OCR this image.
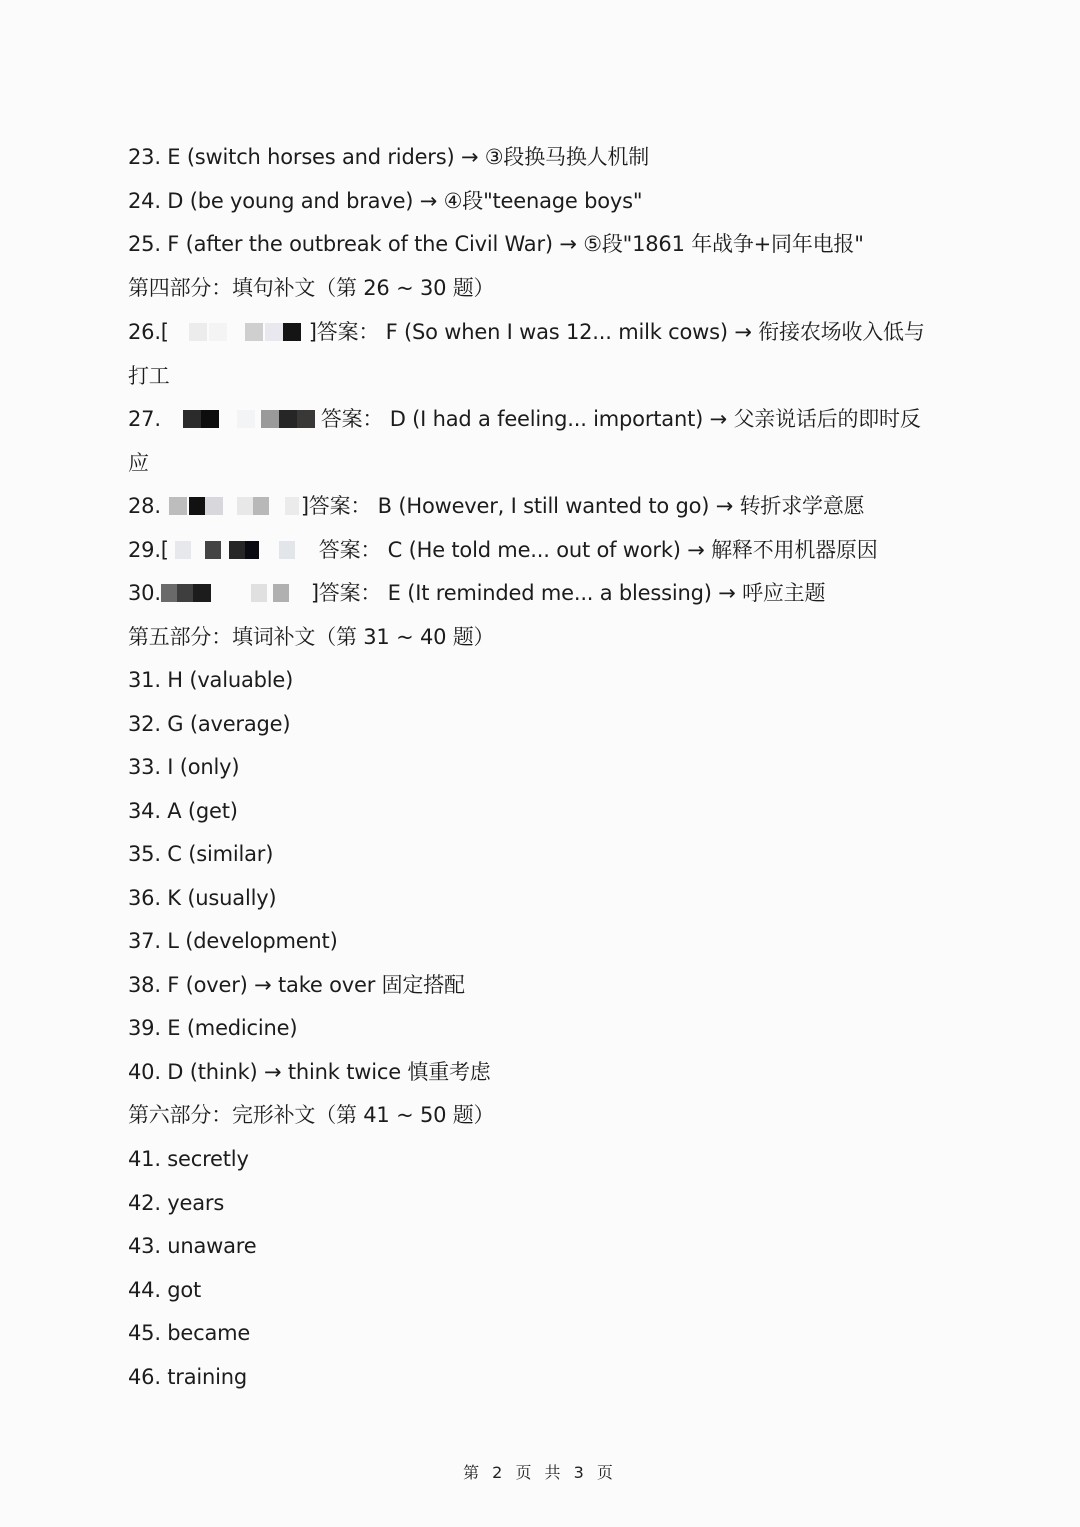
23. E (switch horses and riders) → ③段换马换人机制
24. D (be young and brave) → ④段"teenage boys"
25. F (after the outbreak of the Civil War) → ⑤段"1861 年战争+同年电报"
第四部分：填句补文（第 26 ~ 30 题）
26.[	]答案： F (So when I was 12... milk cows) → 衔接农场收入低与
打工
27.	答案： D (I had a feeling... important) → 父亲说话后的即时反
应
28.	]答案： B (However, I still wanted to go) → 转折求学意愿
29.[	答案： C (He told me... out of work) → 解释不用机器原因
30.	]答案： E (It reminded me... a blessing) → 呼应主题
第五部分：填词补文（第 31 ~ 40 题）
31. H (valuable)
32. G (average)
33. I (only)
34. A (get)
35. C (similar)
36. K (usually)
37. L (development)
38. F (over) → take over 固定搭配
39. E (medicine)
40. D (think) → think twice 慎重考虑
第六部分：完形补文（第 41 ~ 50 题）
41. secretly
42. years
43. unaware
44. got
45. became
46. training
第 2 页 共 3 页
